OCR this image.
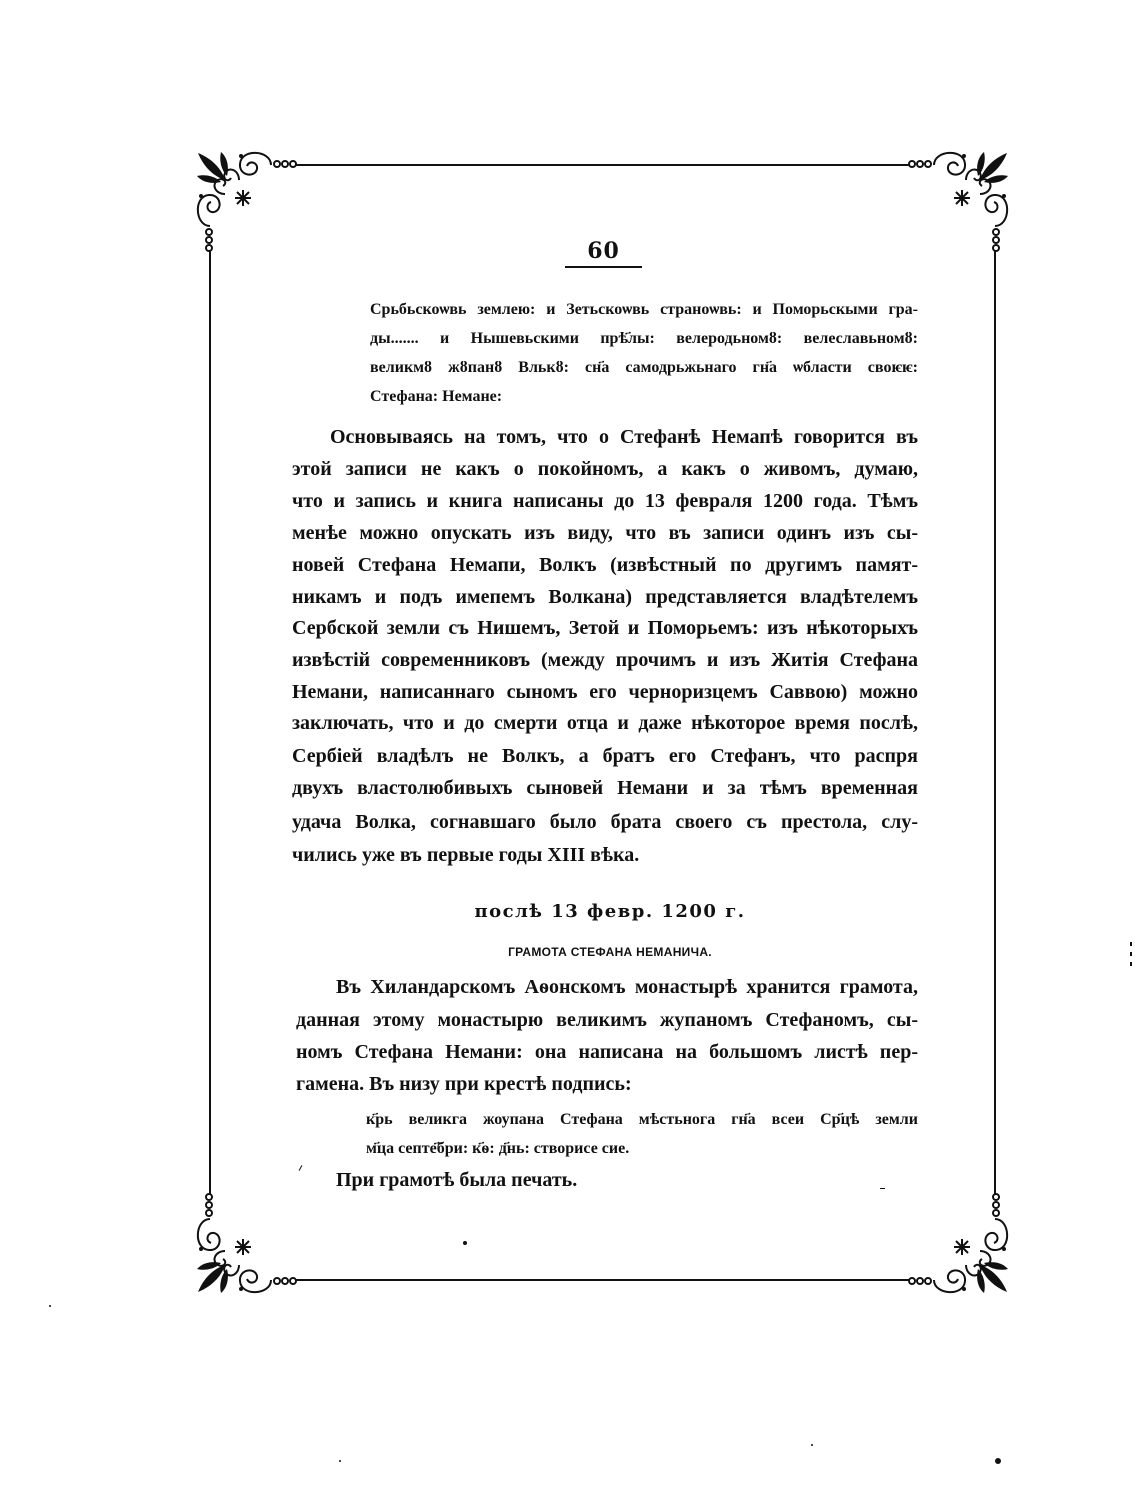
60
Срьбьскоѡвь землею: и Зетьскоѡвь страноѡвь: и Поморьскыми гра-
ды....... и Нышевьскими прѣ҃лы: велеродьномȣ: велеславьномȣ:
великмȣ жȣпанȣ Влькȣ: сн҃а самодрьжьнаго гн҃а ѡбласти своѥѥ:
Стефана: Немане:
Основываясь на томъ, что о Стефанѣ Немапѣ говорится въ
этой записи не какъ о покойномъ, а какъ о живомъ, думаю,
что и запись и книга написаны до 13 февраля 1200 года. Тѣмъ
менѣе можно опускать изъ виду, что въ записи одинъ изъ сы-
новей Стефана Немапи, Волкъ (извѣстный по другимъ памят-
никамъ и подъ имепемъ Волкана) представляется владѣтелемъ
Сербской земли съ Нишемъ, Зетой и Поморьемъ: изъ нѣкоторыхъ
извѣстій современниковъ (между прочимъ и изъ Житія Стефана
Немани, написаннаго сыномъ его черноризцемъ Саввою) можно
заключать, что и до смерти отца и даже нѣкоторое время послѣ,
Сербіей владѣлъ не Волкъ, а братъ его Стефанъ, что распря
двухъ властолюбивыхъ сыновей Немани и за тѣмъ временная
удача Волка, согнавшаго было брата своего съ престола, слу-
чились уже въ первые годы XIII вѣка.
послѣ 13 февр. 1200 г.
ГРАМОТА СТЕФАНА НЕМАНИЧА.
Въ Хиландарскомъ Аѳонскомъ монастырѣ хранится грамота,
данная этому монастырю великимъ жупаномъ Стефаномъ, сы-
номъ Стефана Немани: она написана на большомъ листѣ пер-
гамена. Въ низу при крестѣ подпись:
к҃рь великга жоупана Стефана мѣстьнога гн҃а всеи Ср҃цѣ земли
м҃ца септе҃бри: к҃ѳ: д҃нь: створисе сие.
При грамотѣ была печать.
